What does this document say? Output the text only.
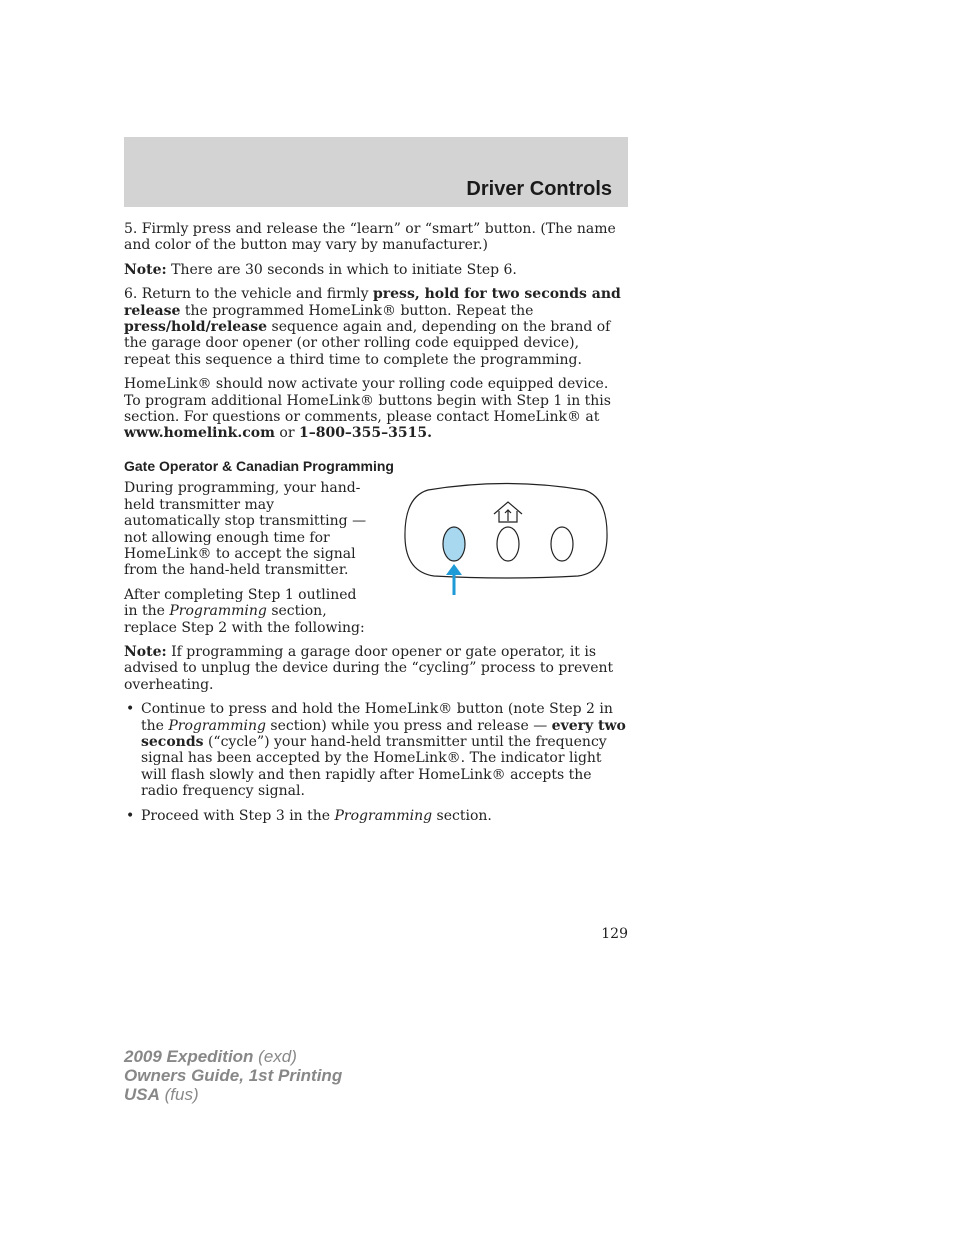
Driver Controls

5. Firmly press and release the “learn” or “smart” button. (The name and color of the button may vary by manufacturer.)

Note: There are 30 seconds in which to initiate Step 6.

6. Return to the vehicle and firmly press, hold for two seconds and release the programmed HomeLink® button. Repeat the press/hold/release sequence again and, depending on the brand of the garage door opener (or other rolling code equipped device), repeat this sequence a third time to complete the programming.

HomeLink® should now activate your rolling code equipped device. To program additional HomeLink® buttons begin with Step 1 in this section. For questions or comments, please contact HomeLink® at www.homelink.com or 1–800–355–3515.

Gate Operator & Canadian Programming

During programming, your hand-held transmitter may automatically stop transmitting — not allowing enough time for HomeLink® to accept the signal from the hand-held transmitter.

After completing Step 1 outlined in the Programming section, replace Step 2 with the following:

Note: If programming a garage door opener or gate operator, it is advised to unplug the device during the “cycling” process to prevent overheating.

• Continue to press and hold the HomeLink® button (note Step 2 in the Programming section) while you press and release — every two seconds (“cycle”) your hand-held transmitter until the frequency signal has been accepted by the HomeLink®. The indicator light will flash slowly and then rapidly after HomeLink® accepts the radio frequency signal.
• Proceed with Step 3 in the Programming section.
129
2009 Expedition (exd)
Owners Guide, 1st Printing
USA (fus)
